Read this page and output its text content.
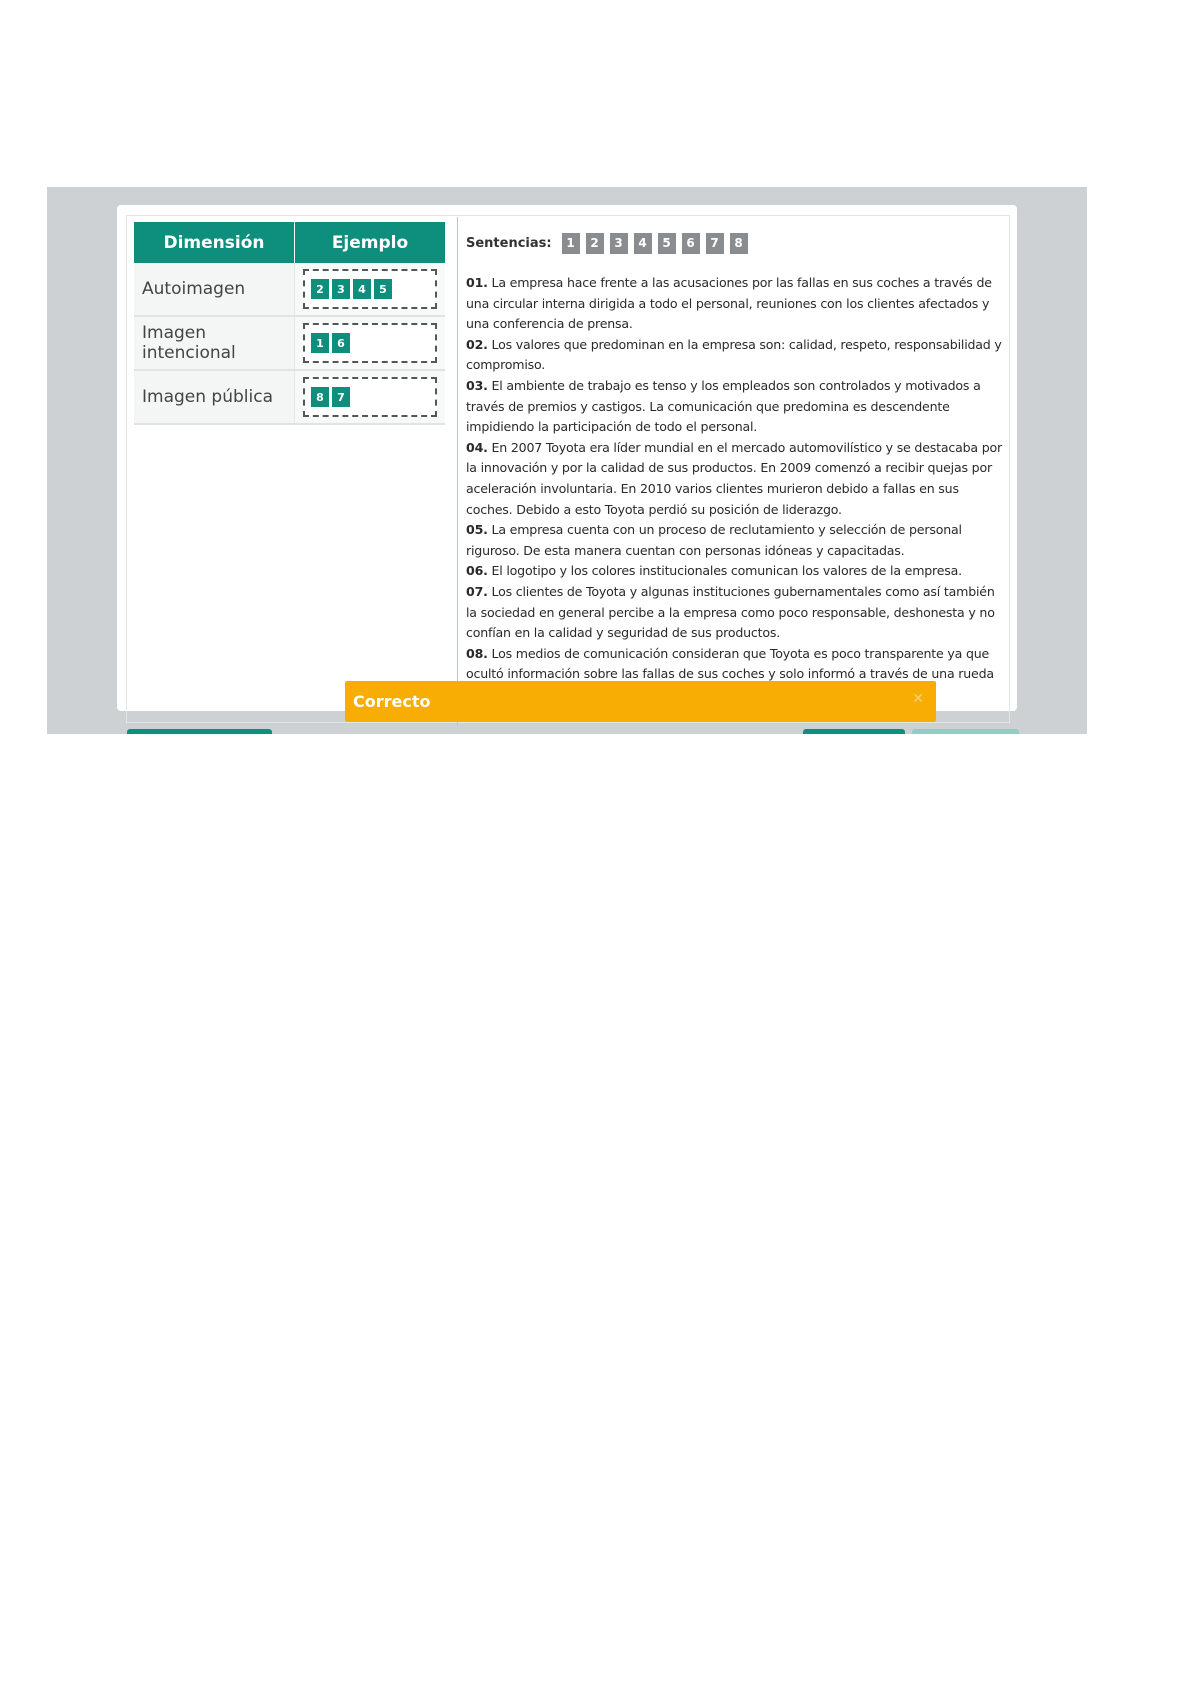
Dimensión	Ejemplo
Autoimagen	2 3 4 5

Imagen intencional	1 6

Imagen pública	8 7
Sentencias:	1	2	3	4	5	6	7	8

01. La empresa hace frente a las acusaciones por las fallas en sus coches a través de una circular interna dirigida a todo el personal, reuniones con los clientes afectados y una conferencia de prensa.

02. Los valores que predominan en la empresa son: calidad, respeto, responsabilidad y compromiso.

03. El ambiente de trabajo es tenso y los empleados son controlados y motivados a través de premios y castigos. La comunicación que predomina es descendente impidiendo la participación de todo el personal.

04. En 2007 Toyota era líder mundial en el mercado automovilístico y se destacaba por la innovación y por la calidad de sus productos. En 2009 comenzó a recibir quejas por aceleración involuntaria. En 2010 varios clientes murieron debido a fallas en sus coches. Debido a esto Toyota perdió su posición de liderazgo.

05. La empresa cuenta con un proceso de reclutamiento y selección de personal riguroso. De esta manera cuentan con personas idóneas y capacitadas.

06. El logotipo y los colores institucionales comunican los valores de la empresa.

07. Los clientes de Toyota y algunas instituciones gubernamentales como así también la sociedad en general percibe a la empresa como poco responsable, deshonesta y no confían en la calidad y seguridad de sus productos.

08. Los medios de comunicación consideran que Toyota es poco transparente ya que ocultó información sobre las fallas de sus coches y solo informó a través de una rueda

Correcto	✕
